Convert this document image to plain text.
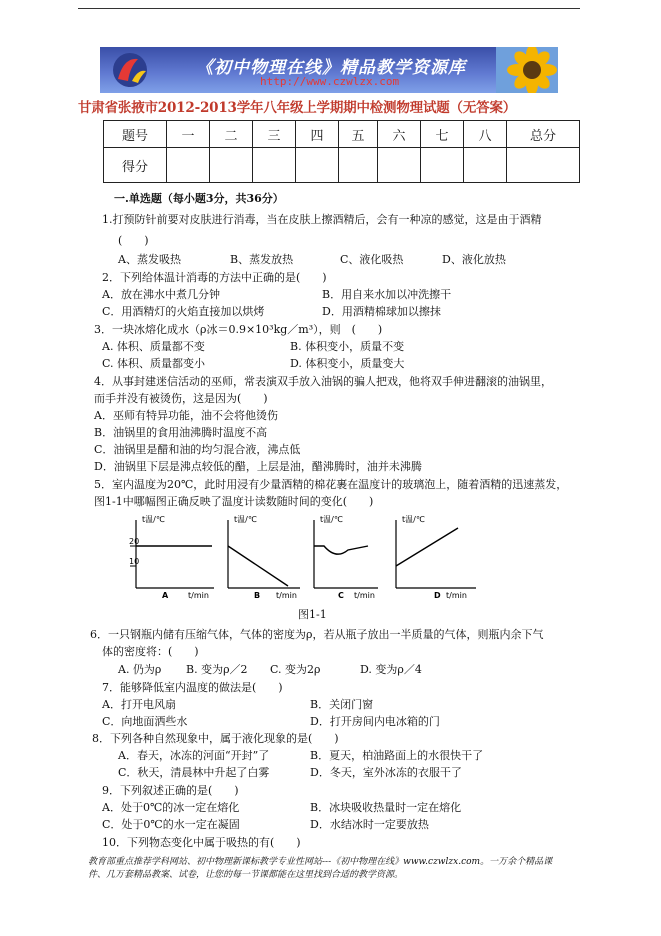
《初中物理在线》精品教学资源库
http://www.czwlzx.com
甘肃省张掖市2012-2013学年八年级上学期期中检测物理试题（无答案）
题号	一	二	三	四	五	六	七	八	总分
得分									
一.单选题（每小题3分，共36分）
1.打预防针前要对皮肤进行消毒，当在皮肤上擦酒精后，会有一种凉的感觉，这是由于酒精
(　　)
A、蒸发吸热	B、蒸发放热	C、液化吸热	D、液化放热
2．下列给体温计消毒的方法中正确的是(　　)
A．放在沸水中煮几分钟	B．用自来水加以冲洗擦干
C．用酒精灯的火焰直接加以烘烤	D．用酒精棉球加以擦抹
3．一块冰熔化成水（ρ冰＝0.9×10³kg／m³），则　(　　)
A. 体积、质量都不变	B. 体积变小，质量不变
C. 体积、质量都变小	D. 体积变小，质量变大
4．从事封建迷信活动的巫师，常表演双手放入油锅的骗人把戏，他将双手伸进翻滚的油锅里，
而手并没有被烫伤，这是因为(　　)
A．巫师有特异功能，油不会将他烫伤
B．油锅里的食用油沸腾时温度不高
C．油锅里是醋和油的均匀混合液，沸点低
D．油锅里下层是沸点较低的醋，上层是油，醋沸腾时，油并未沸腾
5．室内温度为20℃，此时用浸有少量酒精的棉花裹在温度计的玻璃泡上，随着酒精的迅速蒸发，
图1-1中哪幅图正确反映了温度计读数随时间的变化(　　)
20
10
t温/℃
t/min
A
t温/℃
t/min
B
t温/℃
t/min
C
t温/℃
t/min
D
图1-1
6．一只钢瓶内储有压缩气体，气体的密度为ρ，若从瓶子放出一半质量的气体，则瓶内余下气
体的密度将：(　　)
A. 仍为ρ B. 变为ρ／2 C. 变为2ρ	D. 变为ρ／4
7．能够降低室内温度的做法是(　　)
A．打开电风扇	B．关闭门窗
C．向地面洒些水	D．打开房间内电冰箱的门
8．下列各种自然现象中，属于液化现象的是(　　)
A．春天，冰冻的河面“开封”了	B．夏天，柏油路面上的水很快干了
C．秋天，清晨林中升起了白雾	D．冬天，室外冰冻的衣服干了
9．下列叙述正确的是(　　)
A．处于0℃的冰一定在熔化	B．冰块吸收热量时一定在熔化
C．处于0℃的水一定在凝固	D．水结冰时一定要放热
10．下列物态变化中属于吸热的有(　　)
教育部重点推荐学科网站、初中物理新课标教学专业性网站---《初中物理在线》www.czwlzx.com。一万余个精品课
件、几万套精品教案、试卷，让您的每一节课都能在这里找到合适的教学资源。
